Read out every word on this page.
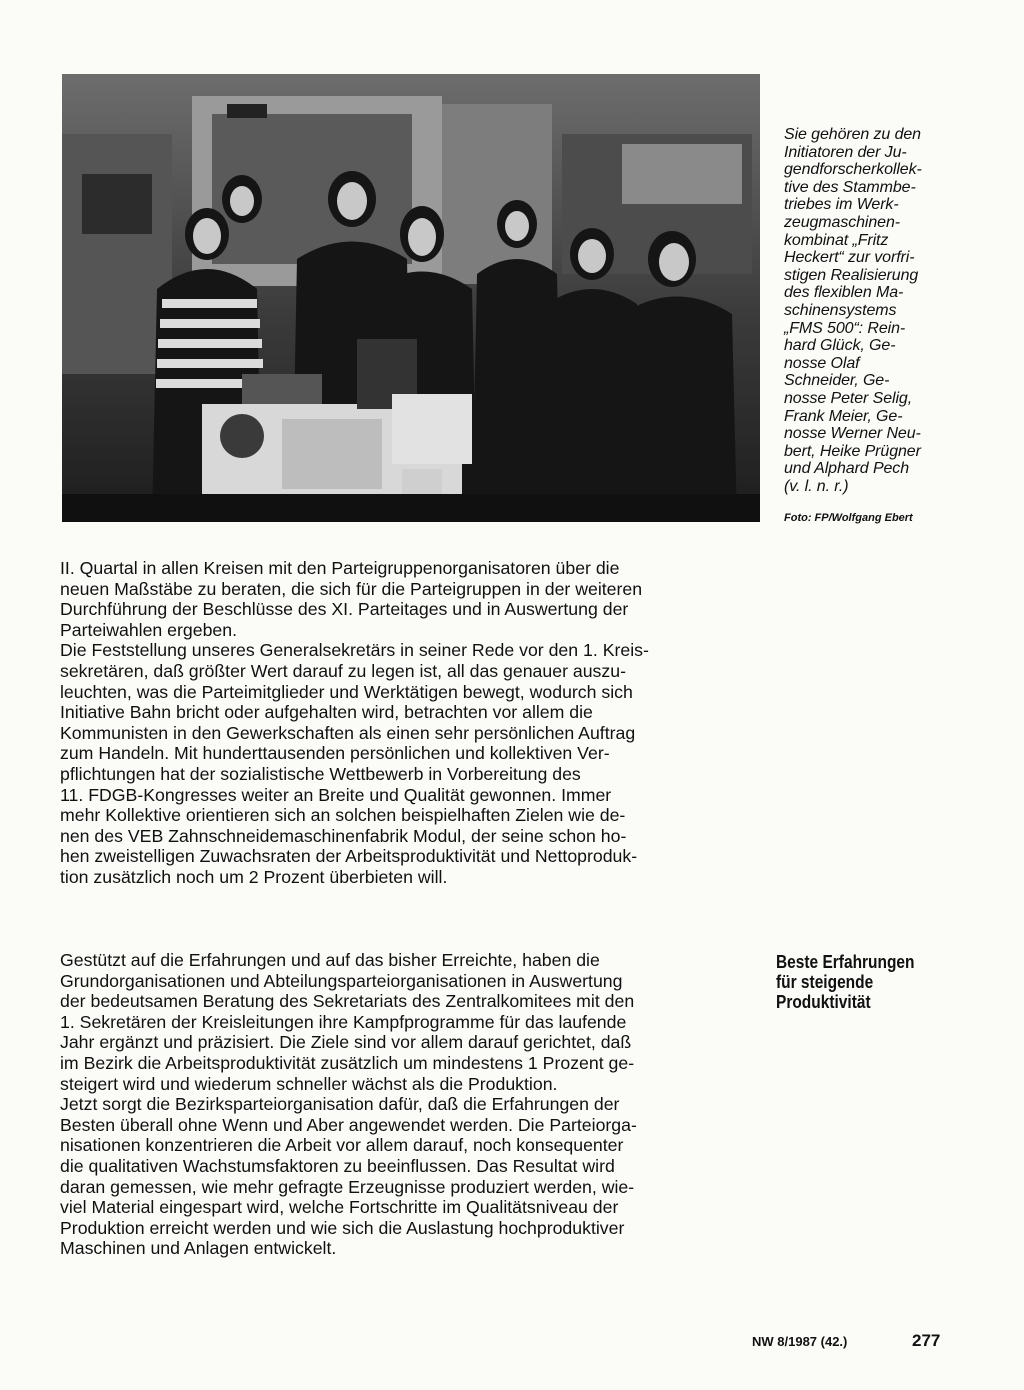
Sie gehören zu den
Initiatoren der Ju-
gendforscherkollek-
tive des Stammbe-
triebes im Werk-
zeugmaschinen-
kombinat „Fritz
Heckert“ zur vorfri-
stigen Realisierung
des flexiblen Ma-
schinensystems
„FMS 500“: Rein-
hard Glück, Ge-
nosse Olaf
Schneider, Ge-
nosse Peter Selig,
Frank Meier, Ge-
nosse Werner Neu-
bert, Heike Prügner
und Alphard Pech
(v. l. n. r.)
Foto: FP/Wolfgang Ebert
II. Quartal in allen Kreisen mit den Parteigruppenorganisatoren über die
neuen Maßstäbe zu beraten, die sich für die Parteigruppen in der weiteren
Durchführung der Beschlüsse des XI. Parteitages und in Auswertung der
Parteiwahlen ergeben.
Die Feststellung unseres Generalsekretärs in seiner Rede vor den 1. Kreis-
sekretären, daß größter Wert darauf zu legen ist, all das genauer auszu-
leuchten, was die Parteimitglieder und Werktätigen bewegt, wodurch sich
Initiative Bahn bricht oder aufgehalten wird, betrachten vor allem die
Kommunisten in den Gewerkschaften als einen sehr persönlichen Auftrag
zum Handeln. Mit hunderttausenden persönlichen und kollektiven Ver-
pflichtungen hat der sozialistische Wettbewerb in Vorbereitung des
11. FDGB-Kongresses weiter an Breite und Qualität gewonnen. Immer
mehr Kollektive orientieren sich an solchen beispielhaften Zielen wie de-
nen des VEB Zahnschneidemaschinenfabrik Modul, der seine schon ho-
hen zweistelligen Zuwachsraten der Arbeitsproduktivität und Nettoproduk-
tion zusätzlich noch um 2 Prozent überbieten will.
Gestützt auf die Erfahrungen und auf das bisher Erreichte, haben die
Grundorganisationen und Abteilungsparteiorganisationen in Auswertung
der bedeutsamen Beratung des Sekretariats des Zentralkomitees mit den
1. Sekretären der Kreisleitungen ihre Kampfprogramme für das laufende
Jahr ergänzt und präzisiert. Die Ziele sind vor allem darauf gerichtet, daß
im Bezirk die Arbeitsproduktivität zusätzlich um mindestens 1 Prozent ge-
steigert wird und wiederum schneller wächst als die Produktion.
Jetzt sorgt die Bezirksparteiorganisation dafür, daß die Erfahrungen der
Besten überall ohne Wenn und Aber angewendet werden. Die Parteiorga-
nisationen konzentrieren die Arbeit vor allem darauf, noch konsequenter
die qualitativen Wachstumsfaktoren zu beeinflussen. Das Resultat wird
daran gemessen, wie mehr gefragte Erzeugnisse produziert werden, wie-
viel Material eingespart wird, welche Fortschritte im Qualitätsniveau der
Produktion erreicht werden und wie sich die Auslastung hochproduktiver
Maschinen und Anlagen entwickelt.
Beste Erfahrungen
für steigende
Produktivität
NW 8/1987 (42.)	277
